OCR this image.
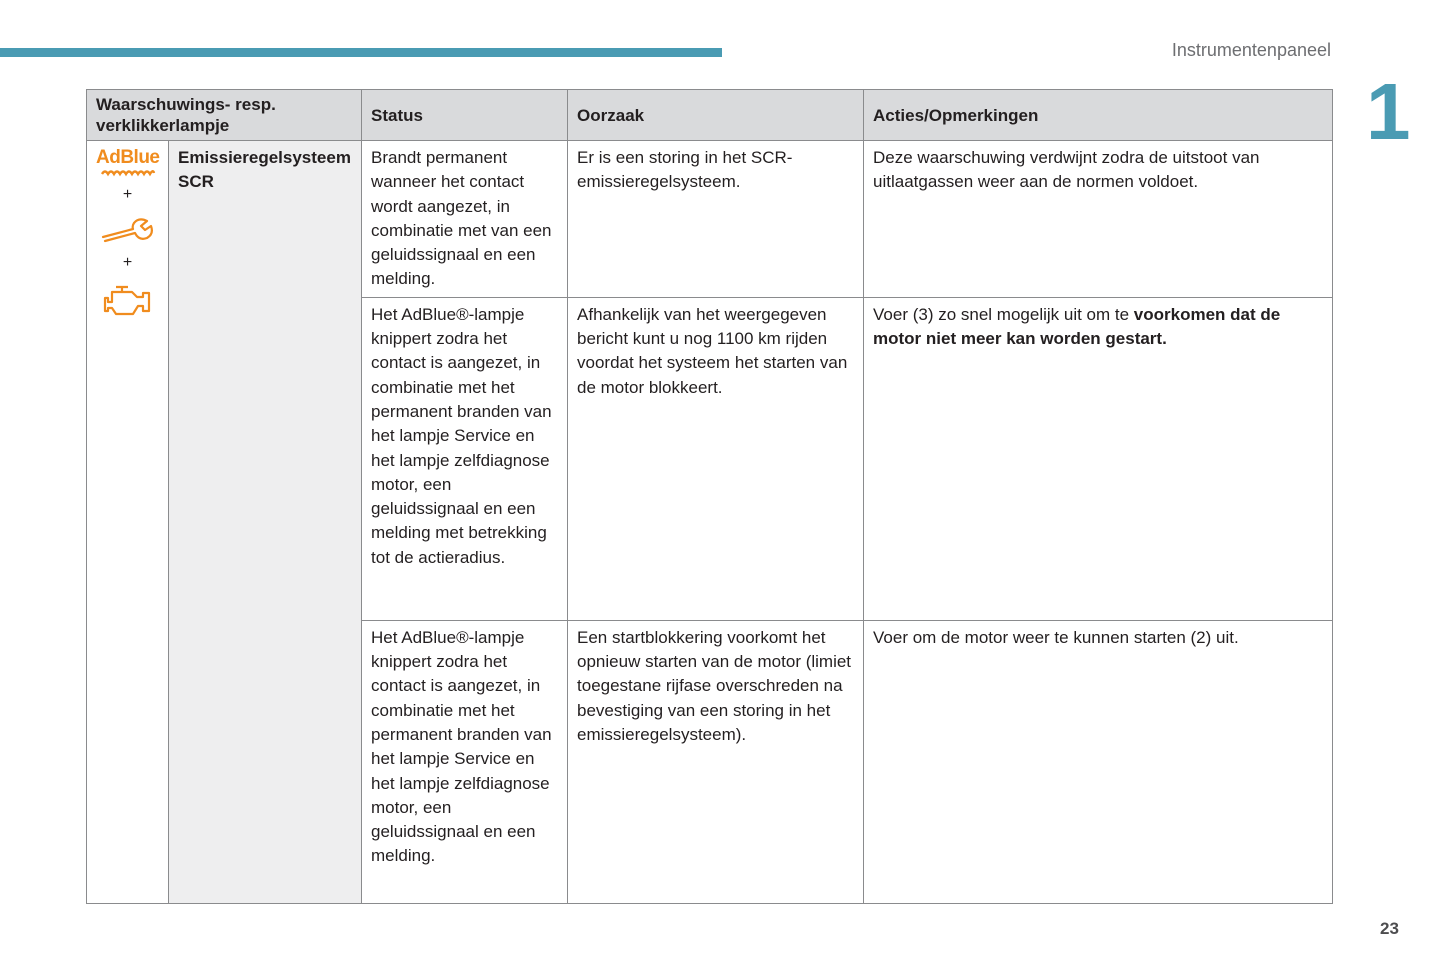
Instrumentenpaneel
1
Waarschuwings- resp. verklikkerlampje		Status	Oorzaak	Acties/Opmerkingen
AdBlue
+
+	Emissieregelsysteem SCR	Brandt permanent wanneer het contact wordt aangezet, in combinatie met van een geluidssignaal en een melding.	Er is een storing in het SCR-emissieregelsysteem.	Deze waarschuwing verdwijnt zodra de uitstoot van uitlaatgassen weer aan de normen voldoet.
		Het AdBlue®-lampje knippert zodra het contact is aangezet, in combinatie met het permanent branden van het lampje Service en het lampje zelfdiagnose motor, een geluidssignaal en een melding met betrekking tot de actieradius.	Afhankelijk van het weergegeven bericht kunt u nog 1100 km rijden voordat het systeem het starten van de motor blokkeert.	Voer (3) zo snel mogelijk uit om te voorkomen dat de motor niet meer kan worden gestart.
		Het AdBlue®-lampje knippert zodra het contact is aangezet, in combinatie met het permanent branden van het lampje Service en het lampje zelfdiagnose motor, een geluidssignaal en een melding.	Een startblokkering voorkomt het opnieuw starten van de motor (limiet toegestane rijfase overschreden na bevestiging van een storing in het emissieregelsysteem).	Voer om de motor weer te kunnen starten (2) uit.
23
